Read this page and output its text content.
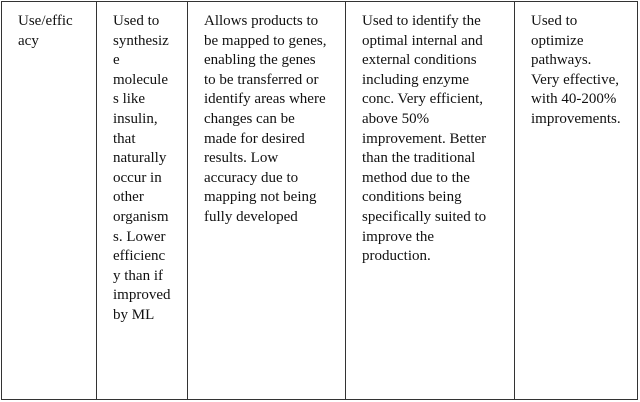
Use/effic
acy
Used to
synthesiz
e
molecule
s like
insulin,
that
naturally
occur in
other
organism
s. Lower
efficienc
y than if
improved
by ML
Allows products to
be mapped to genes,
enabling the genes
to be transferred or
identify areas where
changes can be
made for desired
results. Low
accuracy due to
mapping not being
fully developed
Used to identify the
optimal internal and
external conditions
including enzyme
conc. Very efficient,
above 50%
improvement. Better
than the traditional
method due to the
conditions being
specifically suited to
improve the
production.
Used to
optimize
pathways.
Very effective,
with 40-200%
improvements.
